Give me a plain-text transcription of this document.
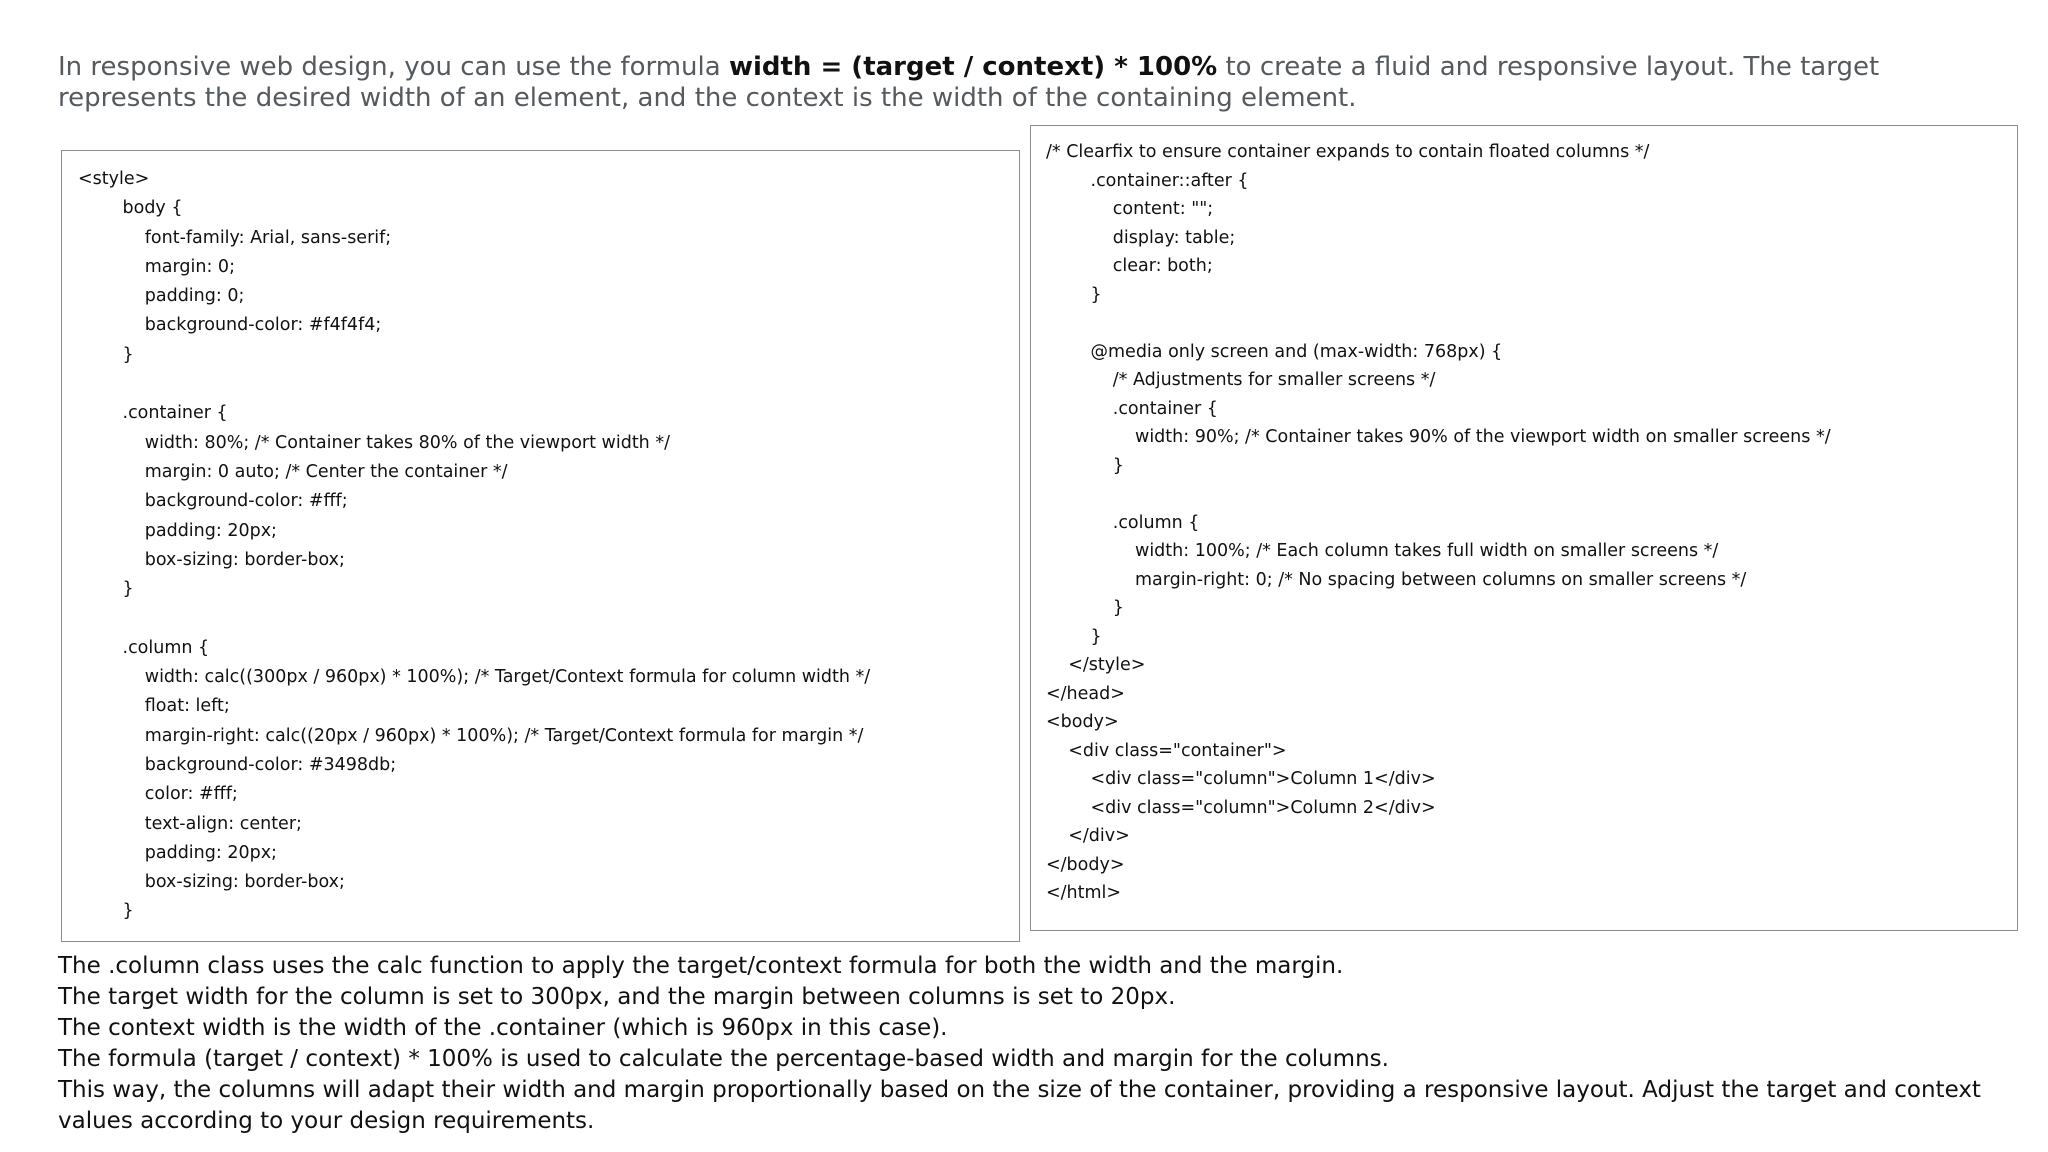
In responsive web design, you can use the formula width = (target / context) * 100% to create a fluid and responsive layout. The target represents the desired width of an element, and the context is the width of the containing element.
<style>
body {
font-family: Arial, sans-serif;
margin: 0;
padding: 0;
background-color: #f4f4f4;
}
.container {
width: 80%; /* Container takes 80% of the viewport width */
margin: 0 auto; /* Center the container */
background-color: #fff;
padding: 20px;
box-sizing: border-box;
}
.column {
width: calc((300px / 960px) * 100%); /* Target/Context formula for column width */
float: left;
margin-right: calc((20px / 960px) * 100%); /* Target/Context formula for margin */
background-color: #3498db;
color: #fff;
text-align: center;
padding: 20px;
box-sizing: border-box;
}
/* Clearfix to ensure container expands to contain floated columns */
.container::after {
content: "";
display: table;
clear: both;
}
@media only screen and (max-width: 768px) {
/* Adjustments for smaller screens */
.container {
width: 90%; /* Container takes 90% of the viewport width on smaller screens */
}
.column {
width: 100%; /* Each column takes full width on smaller screens */
margin-right: 0; /* No spacing between columns on smaller screens */
}
}
</style>
</head>
<body>
<div class="container">
<div class="column">Column 1</div>
<div class="column">Column 2</div>
</div>
</body>
</html>

The .column class uses the calc function to apply the target/context formula for both the width and the margin.

The target width for the column is set to 300px, and the margin between columns is set to 20px.

The context width is the width of the .container (which is 960px in this case).

The formula (target / context) * 100% is used to calculate the percentage-based width and margin for the columns.

This way, the columns will adapt their width and margin proportionally based on the size of the container, providing a responsive layout. Adjust the target and context values according to your design requirements.
